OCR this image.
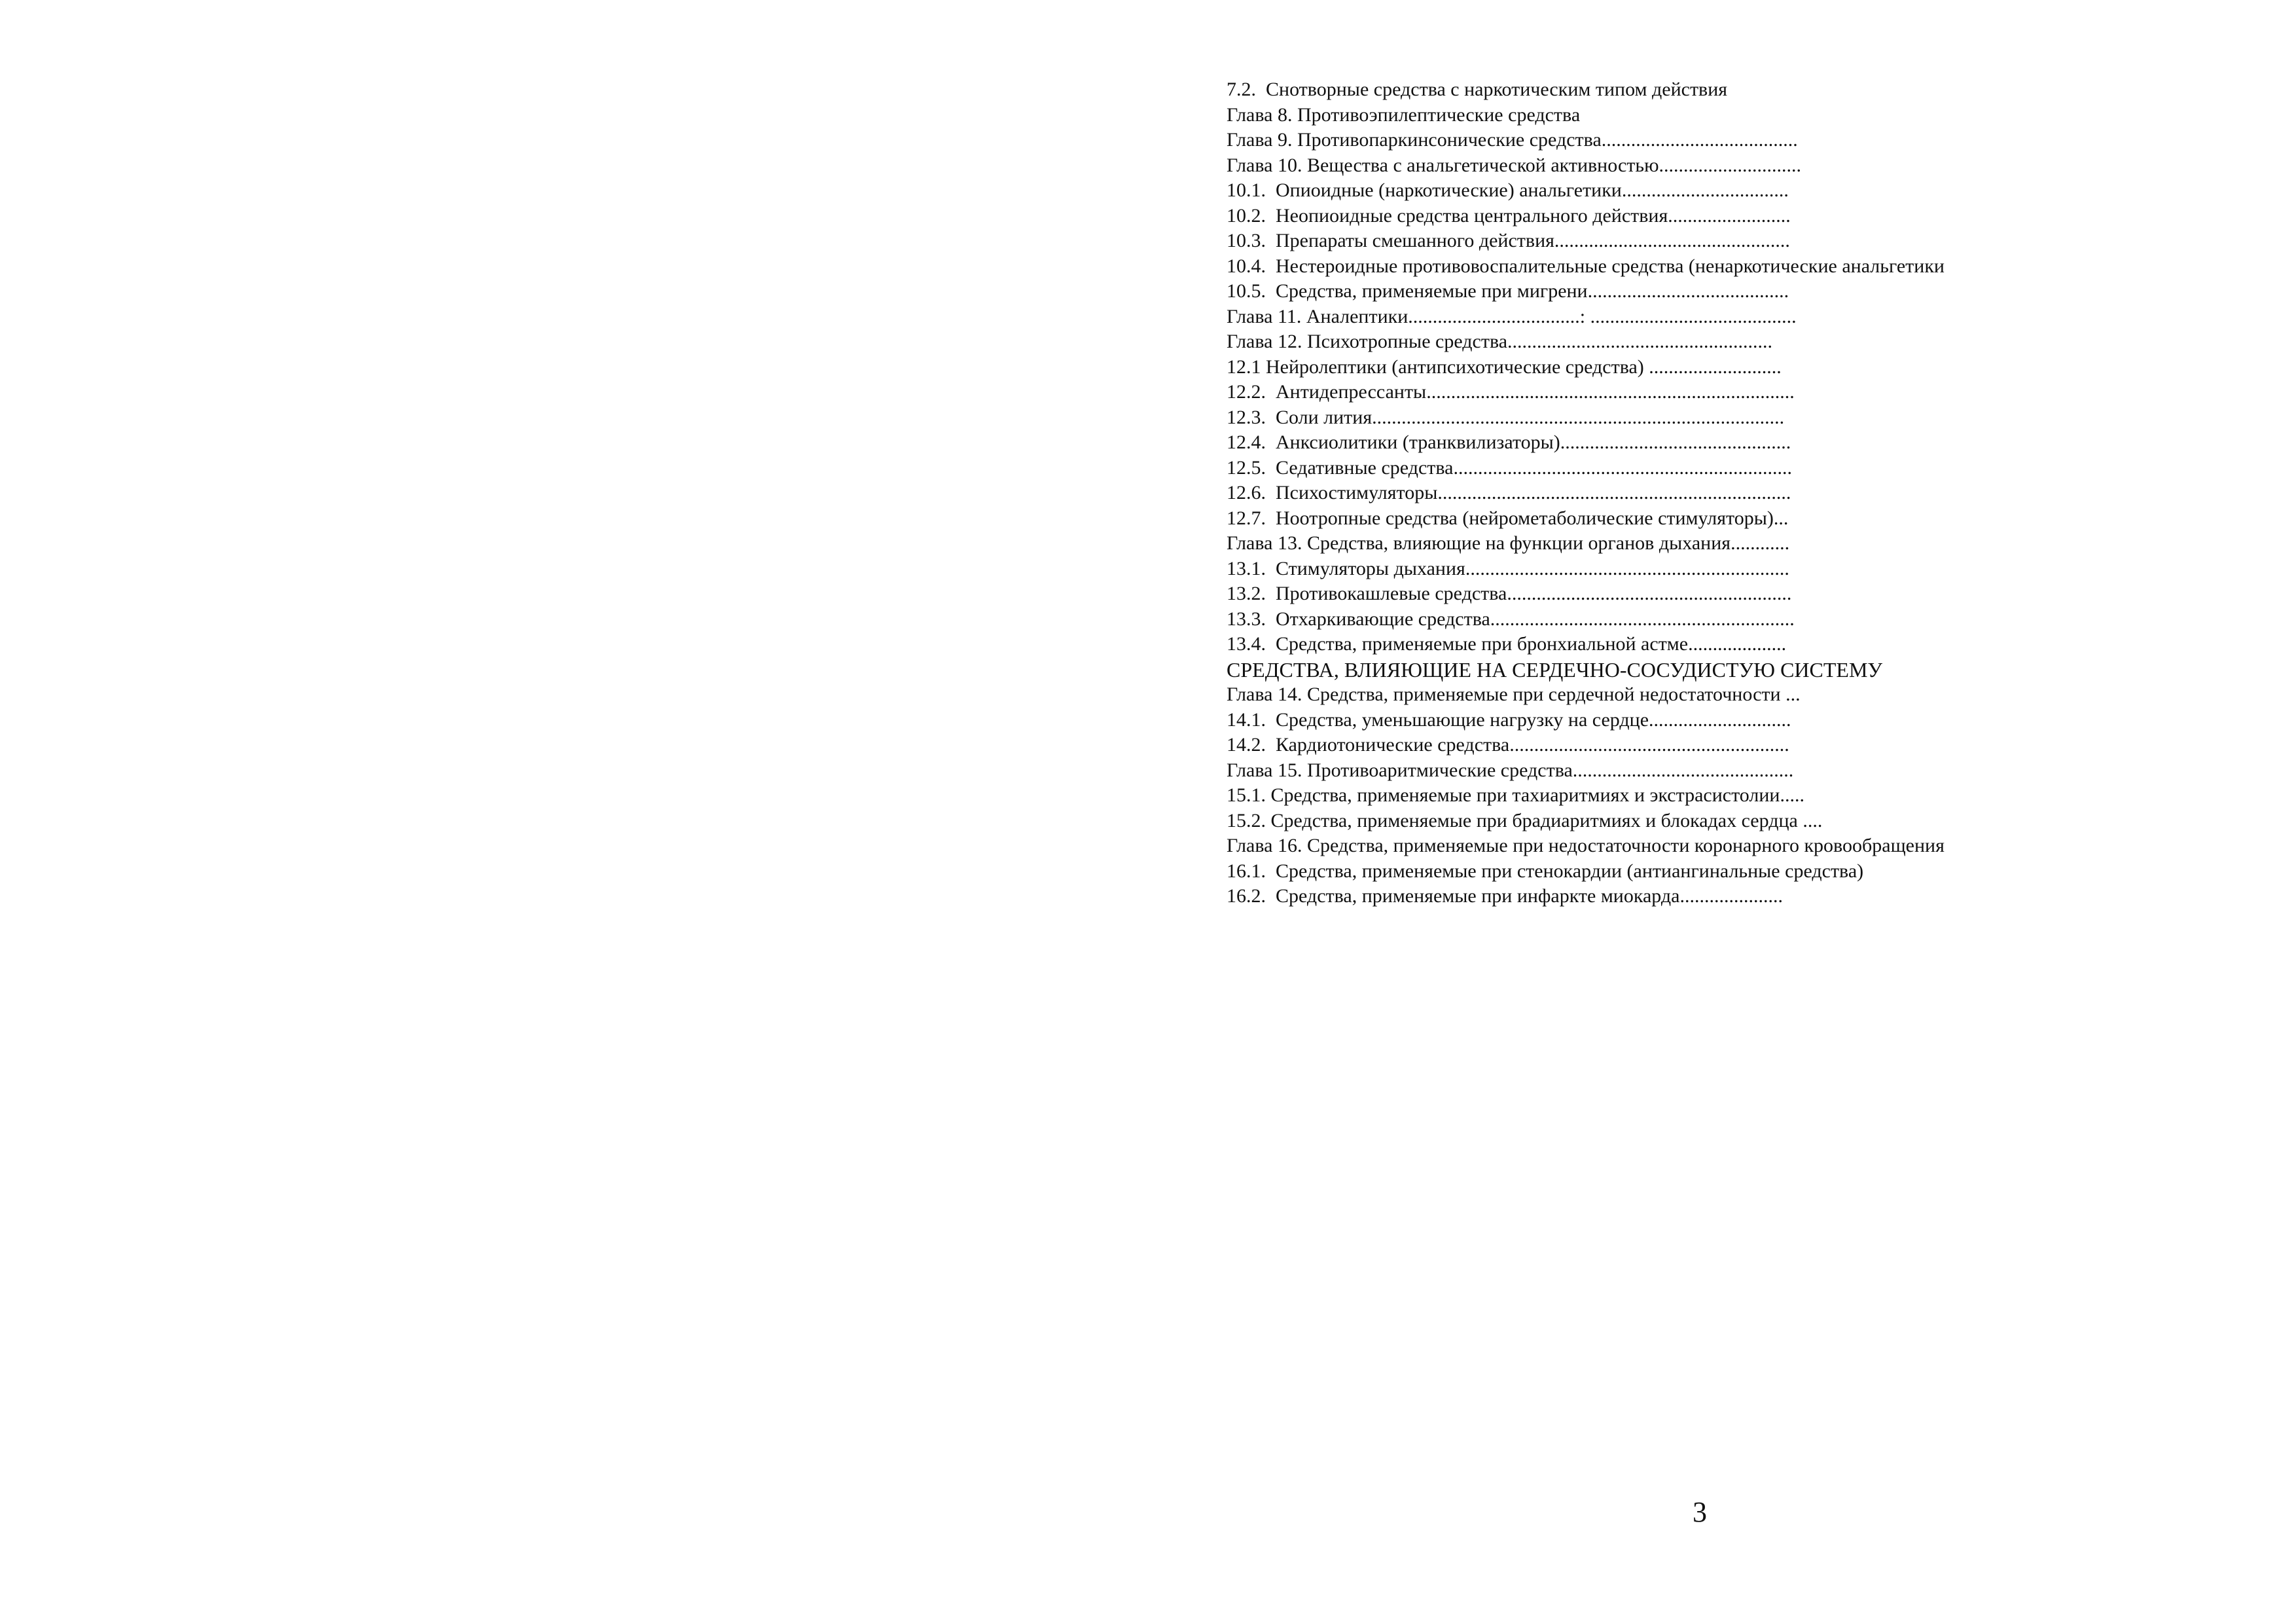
7.2.  Снотворные средства с наркотическим типом действия
Глава 8. Противоэпилептические средства
Глава 9. Противопаркинсонические средства........................................
Глава 10. Вещества с анальгетической активностью.............................
10.1.  Опиоидные (наркотические) анальгетики..................................
10.2.  Неопиоидные средства центрального действия.........................
10.3.  Препараты смешанного действия................................................
10.4.  Нестероидные противовоспалительные средства (ненаркотические анальгетики
10.5.  Средства, применяемые при мигрени.........................................
Глава 11. Аналептики...................................: ..........................................
Глава 12. Психотропные средства......................................................
12.1 Нейролептики (антипсихотические средства) ...........................
12.2.  Антидепрессанты...........................................................................
12.3.  Соли лития....................................................................................
12.4.  Анксиолитики (транквилизаторы)...............................................
12.5.  Седативные средства.....................................................................
12.6.  Психостимуляторы........................................................................
12.7.  Ноотропные средства (нейрометаболические стимуляторы)...
Глава 13. Средства, влияющие на функции органов дыхания............
13.1.  Стимуляторы дыхания..................................................................
13.2.  Противокашлевые средства..........................................................
13.3.  Отхаркивающие средства..............................................................
13.4.  Средства, применяемые при бронхиальной астме....................
СРЕДСТВА, ВЛИЯЮЩИЕ НА СЕРДЕЧНО-СОСУДИСТУЮ СИСТЕМУ
Глава 14. Средства, применяемые при сердечной недостаточности ...
14.1.  Средства, уменьшающие нагрузку на сердце.............................
14.2.  Кардиотонические средства.........................................................
Глава 15. Противоаритмические средства.............................................
15.1. Средства, применяемые при тахиаритмиях и экстрасистолии.....
15.2. Средства, применяемые при брадиаритмиях и блокадах сердца ....
Глава 16. Средства, применяемые при недостаточности коронарного кровообращения
16.1.  Средства, применяемые при стенокардии (антиангинальные средства)
16.2.  Средства, применяемые при инфаркте миокарда.....................
3
